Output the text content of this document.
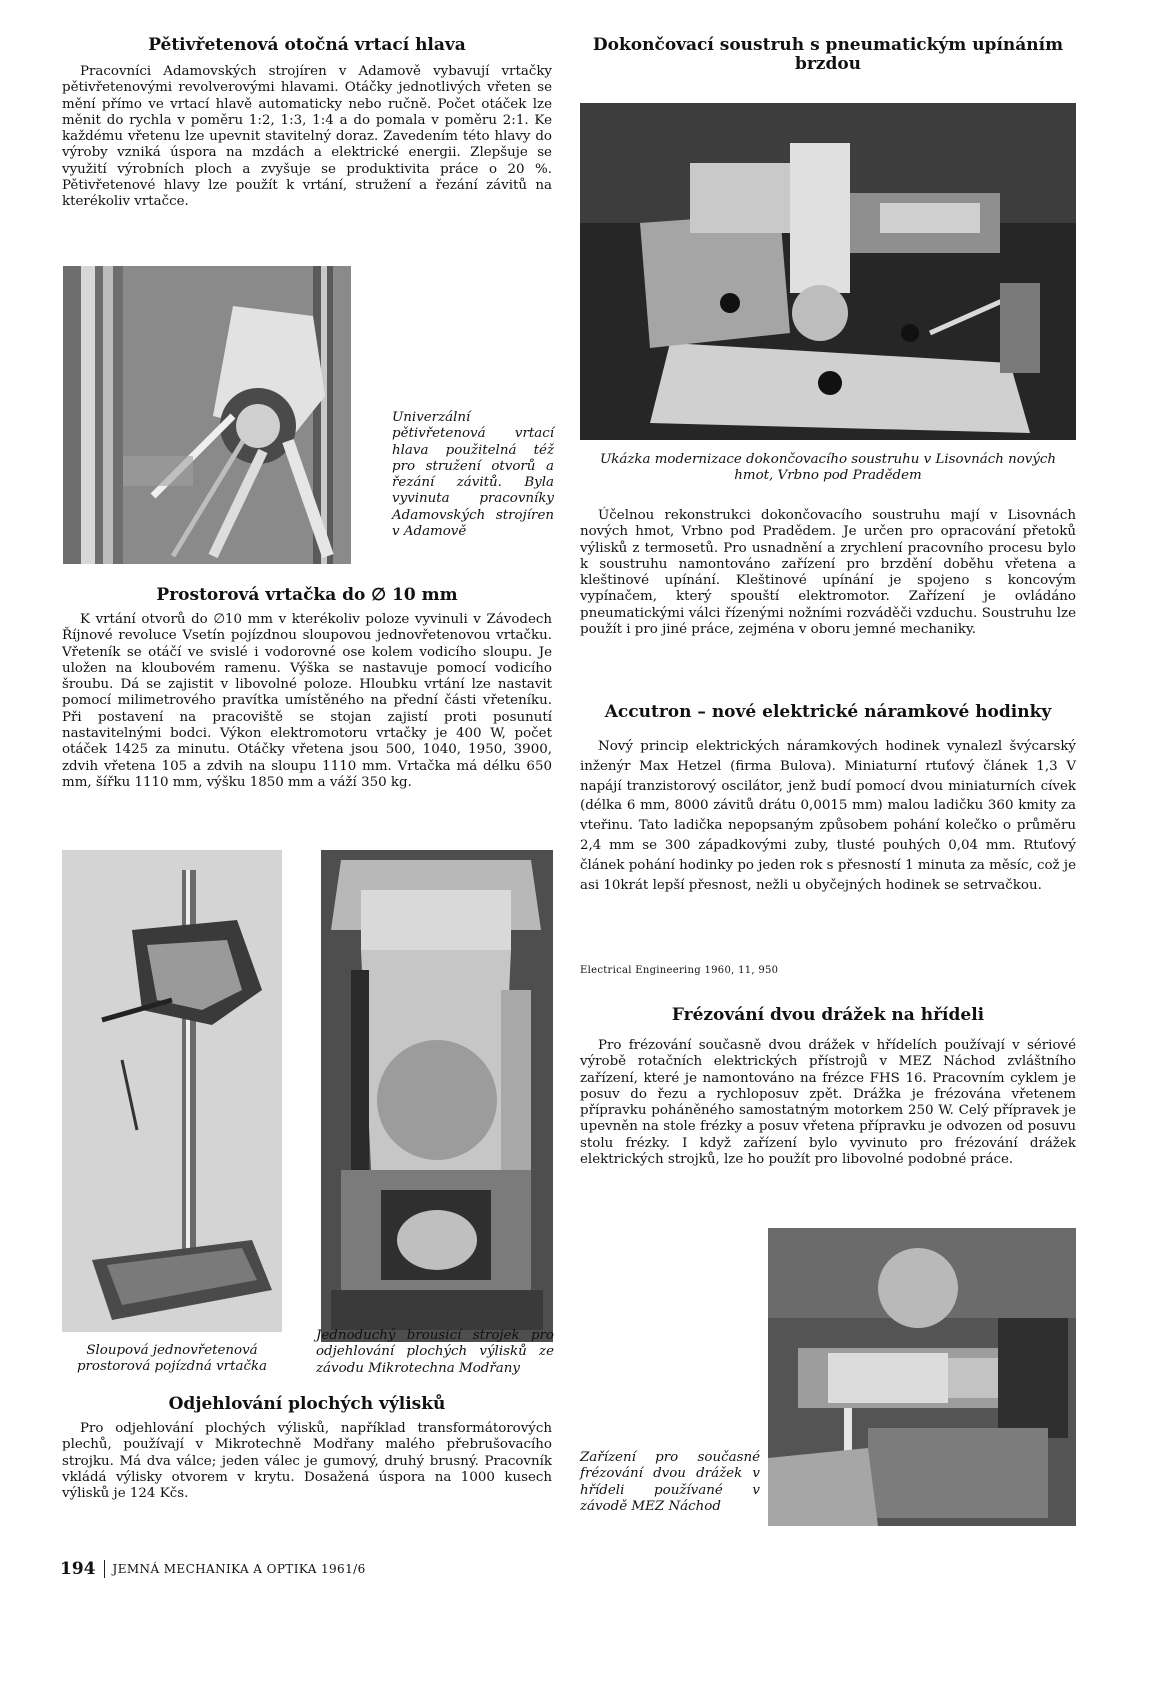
Pětivřetenová otočná vrtací hlava

Pracovníci Adamovských strojíren v Adamově vybavují vrtačky pětivřetenovými revolverovými hlavami. Otáčky jednotlivých vřeten se mění přímo ve vrtací hlavě automaticky nebo ručně. Počet otáček lze měnit do rychla v poměru 1:2, 1:3, 1:4 a do pomala v poměru 2:1. Ke každému vřetenu lze upevnit stavitelný doraz. Zavedením této hlavy do výroby vzniká úspora na mzdách a elektrické energii. Zlepšuje se využití výrobních ploch a zvyšuje se produktivita práce o 20 %. Pětivřetenové hlavy lze použít k vrtání, stružení a řezání závitů na kterékoliv vrtačce.

Univerzální pětivřetenová vrtací hlava použitelná též pro stružení otvorů a řezání závitů. Byla vyvinuta pracovníky Adamovských strojíren v Adamově

Prostorová vrtačka do ∅ 10 mm

K vrtání otvorů do ∅10 mm v kterékoliv poloze vyvinuli v Závodech Říjnové revoluce Vsetín pojízdnou sloupovou jednovřetenovou vrtačku. Vřeteník se otáčí ve svislé i vodorovné ose kolem vodicího sloupu. Je uložen na kloubovém ramenu. Výška se nastavuje pomocí vodicího šroubu. Dá se zajistit v libovolné poloze. Hloubku vrtání lze nastavit pomocí milimetrového pravítka umístěného na přední části vřeteníku. Při postavení na pracoviště se stojan zajistí proti posunutí nastavitelnými bodci. Výkon elektromotoru vrtačky je 400 W, počet otáček 1425 za minutu. Otáčky vřetena jsou 500, 1040, 1950, 3900, zdvih vřetena 105 a zdvih na sloupu 1110 mm. Vrtačka má délku 650 mm, šířku 1110 mm, výšku 1850 mm a váží 350 kg.

Sloupová jednovřetenová prostorová pojízdná vrtačka

Jednoduchý brousicí strojek pro odjehlování plochých výlisků ze závodu Mikrotechna Modřany

Odjehlování plochých výlisků

Pro odjehlování plochých výlisků, například transformátorových plechů, používají v Mikrotechně Modřany malého přebrušovacího strojku. Má dva válce; jeden válec je gumový, druhý brusný. Pracovník vkládá výlisky otvorem v krytu. Dosažená úspora na 1000 kusech výlisků je 124 Kčs.

Dokončovací soustruh s pneumatickým upínáním brzdou

Ukázka modernizace dokončovacího soustruhu v Lisovnách nových hmot, Vrbno pod Pradědem

Účelnou rekonstrukci dokončovacího soustruhu mají v Lisovnách nových hmot, Vrbno pod Pradědem. Je určen pro opracování přetoků výlisků z termosetů. Pro usnadnění a zrychlení pracovního procesu bylo k soustruhu namontováno zařízení pro brzdění doběhu vřetena a kleštinové upínání. Kleštinové upínání je spojeno s koncovým vypínačem, který spouští elektromotor. Zařízení je ovládáno pneumatickými válci řízenými nožními rozváděči vzduchu. Soustruhu lze použít i pro jiné práce, zejména v oboru jemné mechaniky.

Accutron – nové elektrické náramkové hodinky

Nový princip elektrických náramkových hodinek vynalezl švýcarský inženýr Max Hetzel (firma Bulova). Miniaturní rtuťový článek 1,3 V napájí tranzistorový oscilátor, jenž budí pomocí dvou miniaturních cívek (délka 6 mm, 8000 závitů drátu 0,0015 mm) malou ladičku 360 kmity za vteřinu. Tato ladička nepopsaným způsobem pohání kolečko o průměru 2,4 mm se 300 západkovými zuby, tlusté pouhých 0,04 mm. Rtuťový článek pohání hodinky po jeden rok s přesností 1 minuta za měsíc, což je asi 10krát lepší přesnost, nežli u obyčejných hodinek se setrvačkou.

Electrical Engineering 1960, 11, 950

Frézování dvou drážek na hřídeli

Pro frézování současně dvou drážek v hřídelích používají v sériové výrobě rotačních elektrických přístrojů v MEZ Náchod zvláštního zařízení, které je namontováno na frézce FHS 16. Pracovním cyklem je posuv do řezu a rychloposuv zpět. Drážka je frézována vřetenem přípravku poháněného samostatným motorkem 250 W. Celý přípravek je upevněn na stole frézky a posuv vřetena přípravku je odvozen od posuvu stolu frézky. I když zařízení bylo vyvinuto pro frézování drážek elektrických strojků, lze ho použít pro libovolné podobné práce.

Zařízení pro současné frézování dvou drážek v hřídeli používané v závodě MEZ Náchod

194 JEMNÁ MECHANIKA A OPTIKA 1961/6
